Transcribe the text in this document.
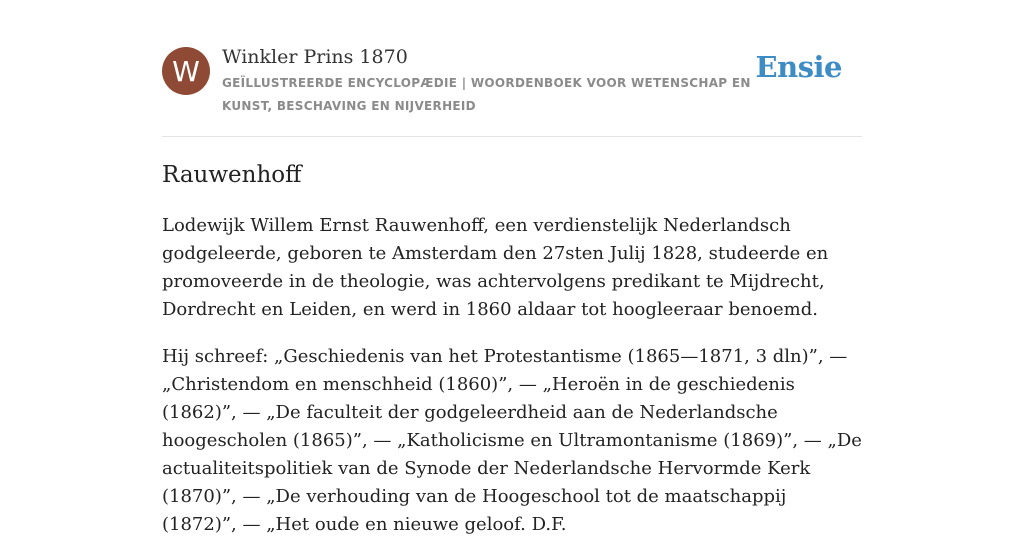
W	Winkler Prins 1870
GEÏLLUSTREERDE ENCYCLOPÆDIE | WOORDENBOEK VOOR WETENSCHAP EN KUNST, BESCHAVING EN NIJVERHEID
Ensie
Rauwenhoff

Lodewijk Willem Ernst Rauwenhoff, een verdienstelijk Nederlandsch godgeleerde, geboren te Amsterdam den 27sten Julij 1828, studeerde en promoveerde in de theologie, was achtervolgens predikant te Mijdrecht, Dordrecht en Leiden, en werd in 1860 aldaar tot hoogleeraar benoemd.

Hij schreef: „Geschiedenis van het Protestantisme (1865—1871, 3 dln)”, — „Christendom en menschheid (1860)”, — „Heroën in de geschiedenis (1862)”, — „De faculteit der godgeleerdheid aan de Nederlandsche hoogescholen (1865)”, — „Katholicisme en Ultramontanisme (1869)”, — „De actualiteitspolitiek van de Synode der Nederlandsche Hervormde Kerk (1870)”, — „De verhouding van de Hoogeschool tot de maatschappij (1872)”, — „Het oude en nieuwe geloof. D.F.
